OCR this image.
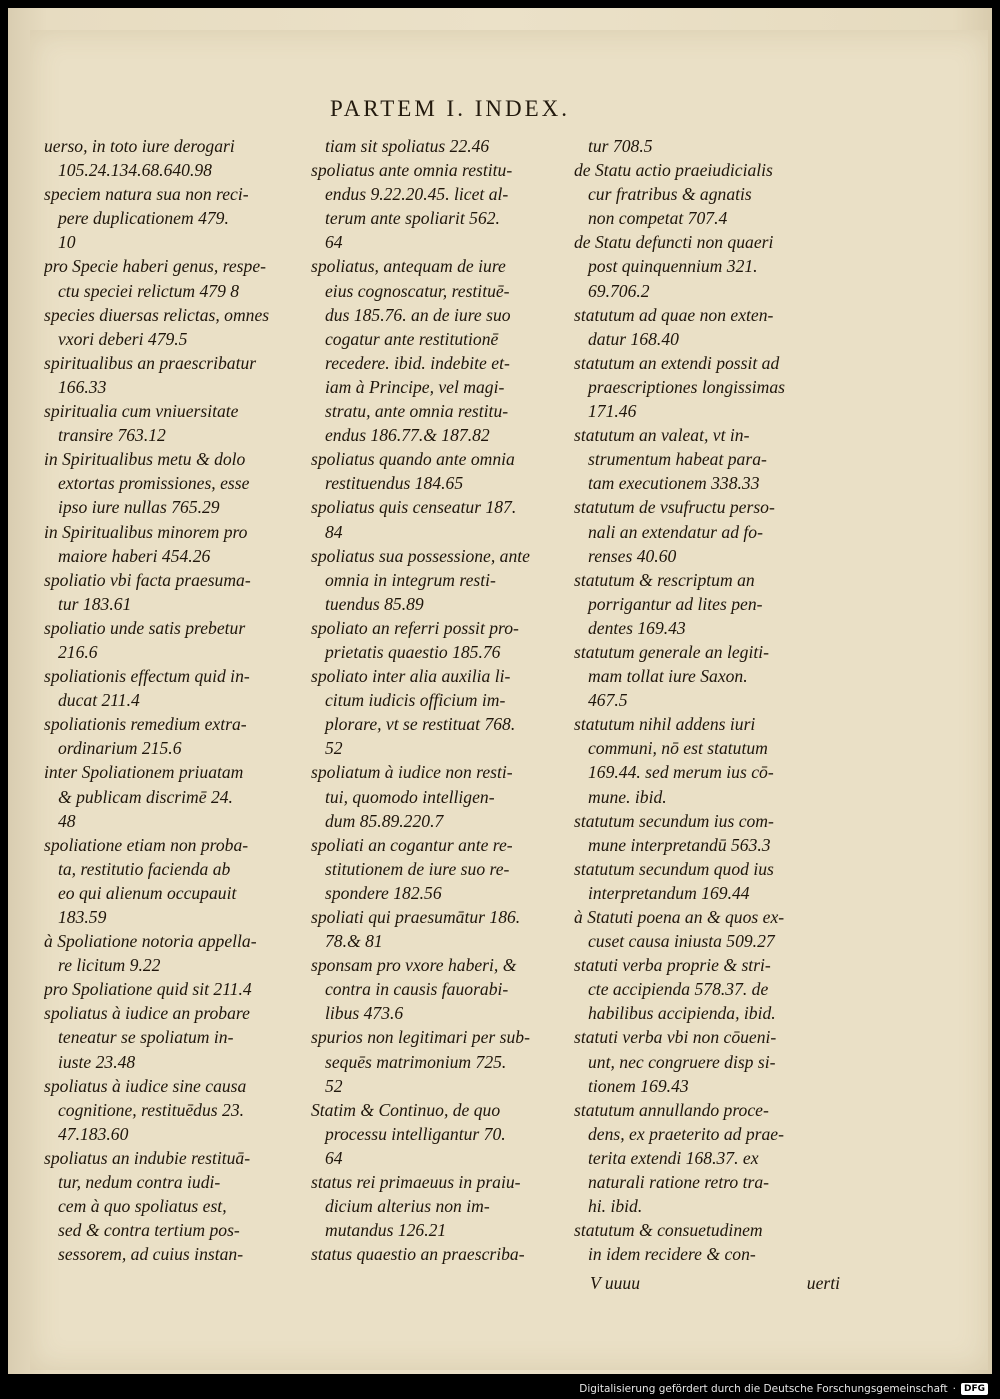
PARTEM I. INDEX.
uerso, in toto iure derogari
105.24.134.68.640.98
speciem natura sua non reci-
pere duplicationem 479.
10
pro Specie haberi genus, respe-
ctu speciei relictum 479 8
species diuersas relictas, omnes
vxori deberi 479.5
spiritualibus an praescribatur
166.33
spiritualia cum vniuersitate
transire 763.12
in Spiritualibus metu & dolo
extortas promissiones, esse
ipso iure nullas 765.29
in Spiritualibus minorem pro
maiore haberi 454.26
spoliatio vbi facta praesuma-
tur 183.61
spoliatio unde satis prebetur
216.6
spoliationis effectum quid in-
ducat 211.4
spoliationis remedium extra-
ordinarium 215.6
inter Spoliationem priuatam
& publicam discrimē 24.
48
spoliatione etiam non proba-
ta, restitutio facienda ab
eo qui alienum occupauit
183.59
à Spoliatione notoria appella-
re licitum 9.22
pro Spoliatione quid sit 211.4
spoliatus à iudice an probare
teneatur se spoliatum in-
iuste 23.48
spoliatus à iudice sine causa
cognitione, restituēdus 23.
47.183.60
spoliatus an indubie restituā-
tur, nedum contra iudi-
cem à quo spoliatus est,
sed & contra tertium pos-
sessorem, ad cuius instan-
tiam sit spoliatus 22.46
spoliatus ante omnia restitu-
endus 9.22.20.45. licet al-
terum ante spoliarit 562.
64
spoliatus, antequam de iure
eius cognoscatur, restituē-
dus 185.76. an de iure suo
cogatur ante restitutionē
recedere. ibid. indebite et-
iam à Principe, vel magi-
stratu, ante omnia restitu-
endus 186.77.& 187.82
spoliatus quando ante omnia
restituendus 184.65
spoliatus quis censeatur 187.
84
spoliatus sua possessione, ante
omnia in integrum resti-
tuendus 85.89
spoliato an referri possit pro-
prietatis quaestio 185.76
spoliato inter alia auxilia li-
citum iudicis officium im-
plorare, vt se restituat 768.
52
spoliatum à iudice non resti-
tui, quomodo intelligen-
dum 85.89.220.7
spoliati an cogantur ante re-
stitutionem de iure suo re-
spondere 182.56
spoliati qui praesumātur 186.
78.& 81
sponsam pro vxore haberi, &
contra in causis fauorabi-
libus 473.6
spurios non legitimari per sub-
sequēs matrimonium 725.
52
Statim & Continuo, de quo
processu intelligantur 70.
64
status rei primaeuus in praiu-
dicium alterius non im-
mutandus 126.21
status quaestio an praescriba-
tur 708.5
de Statu actio praeiudicialis
cur fratribus & agnatis
non competat 707.4
de Statu defuncti non quaeri
post quinquennium 321.
69.706.2
statutum ad quae non exten-
datur 168.40
statutum an extendi possit ad
praescriptiones longissimas
171.46
statutum an valeat, vt in-
strumentum habeat para-
tam executionem 338.33
statutum de vsufructu perso-
nali an extendatur ad fo-
renses 40.60
statutum & rescriptum an
porrigantur ad lites pen-
dentes 169.43
statutum generale an legiti-
mam tollat iure Saxon.
467.5
statutum nihil addens iuri
communi, nō est statutum
169.44. sed merum ius cō-
mune. ibid.
statutum secundum ius com-
mune interpretandū 563.3
statutum secundum quod ius
interpretandum 169.44
à Statuti poena an & quos ex-
cuset causa iniusta 509.27
statuti verba proprie & stri-
cte accipienda 578.37. de
habilibus accipienda, ibid.
statuti verba vbi non cōueni-
unt, nec congruere disp si-
tionem 169.43
statutum annullando proce-
dens, ex praeterito ad prae-
terita extendi 168.37. ex
naturali ratione retro tra-
hi. ibid.
statutum & consuetudinem
in idem recidere & con-
V uuuu	uerti
Digitalisierung gefördert durch die Deutsche Forschungsgemeinschaft · DFG
